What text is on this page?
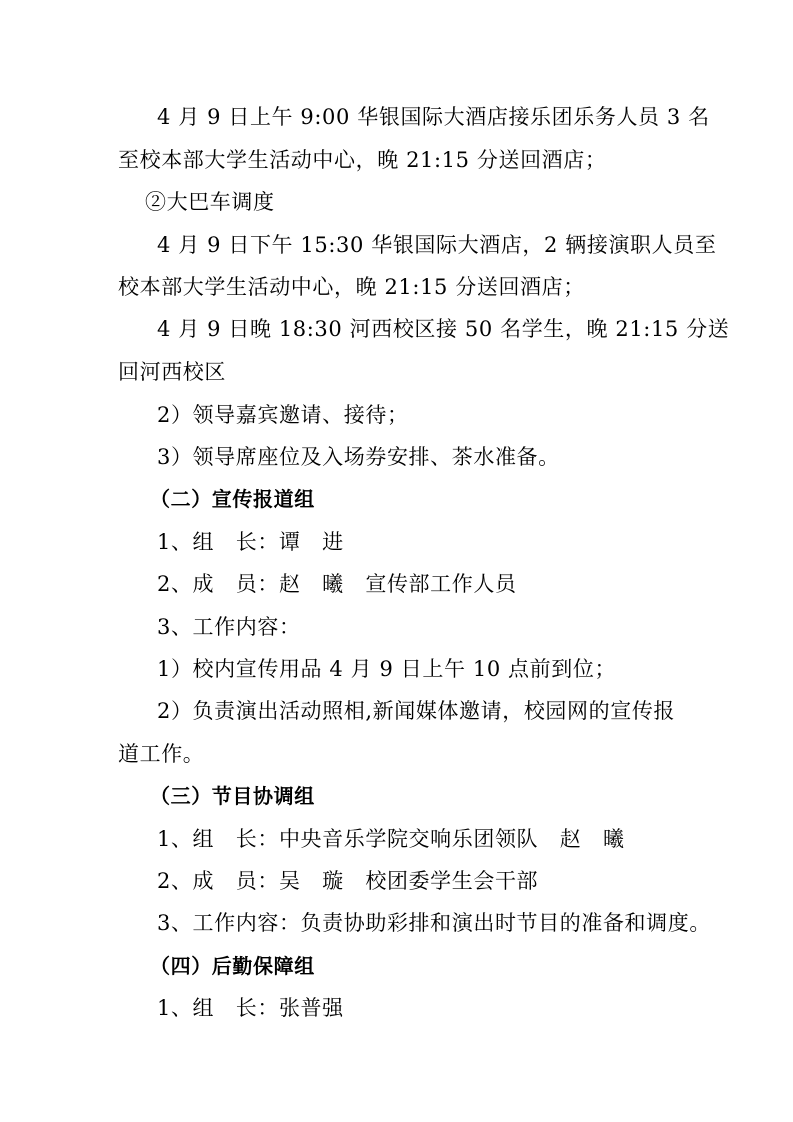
4 月 9 日上午 9:00 华银国际大酒店接乐团乐务人员 3 名
至校本部大学生活动中心，晚 21:15 分送回酒店；
②大巴车调度
4 月 9 日下午 15:30 华银国际大酒店，2 辆接演职人员至
校本部大学生活动中心，晚 21:15 分送回酒店；
4 月 9 日晚 18:30 河西校区接 50 名学生，晚 21:15 分送
回河西校区
2）领导嘉宾邀请、接待；
3）领导席座位及入场券安排、茶水准备。
（二）宣传报道组
1、组　长：谭　进
2、成　员：赵　曦　宣传部工作人员
3、工作内容：
1）校内宣传用品 4 月 9 日上午 10 点前到位；
2）负责演出活动照相,新闻媒体邀请，校园网的宣传报
道工作。
（三）节目协调组
1、组　长：中央音乐学院交响乐团领队　赵　曦
2、成　员：吴　璇　校团委学生会干部
3、工作内容：负责协助彩排和演出时节目的准备和调度。
（四）后勤保障组
1、组　长：张普强
